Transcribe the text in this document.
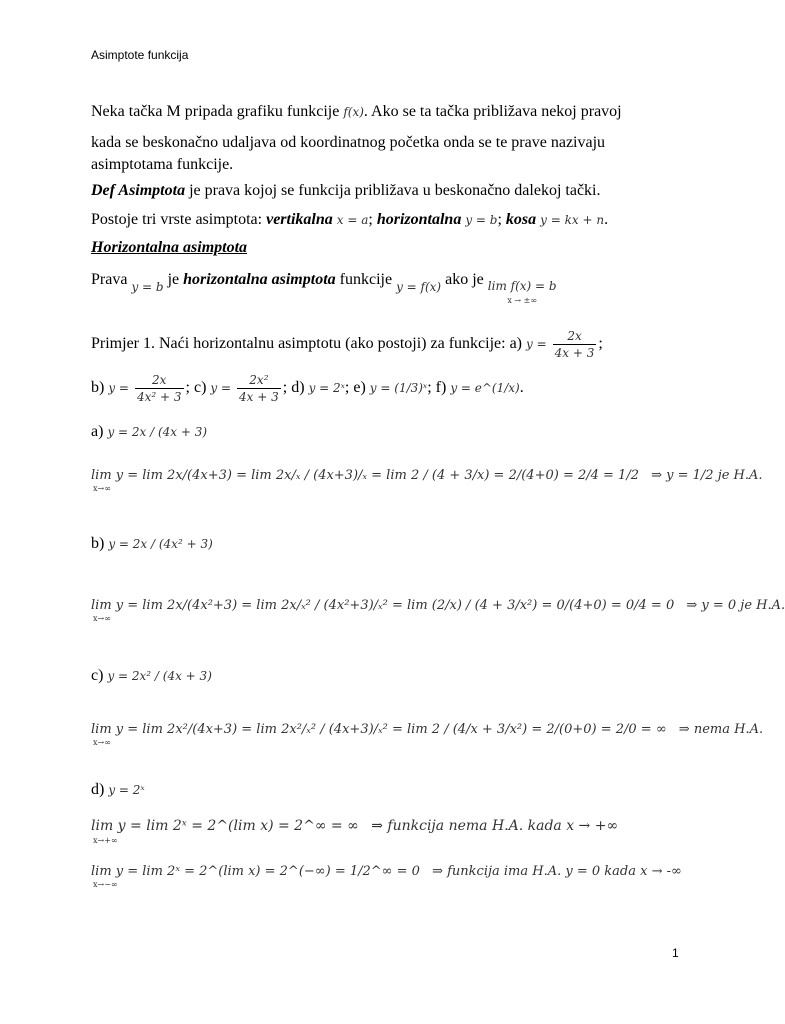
Asimptote funkcija
Neka tačka M pripada grafiku funkcije f(x). Ako se ta tačka približava nekoj pravoj
kada se beskonačno udaljava od koordinatnog početka onda se te prave nazivaju
asimptotama funkcije.
Def Asimptota je prava kojoj se funkcija približava u beskonačno dalekoj tački.
Postoje tri vrste asimptota: vertikalna x = a; horizontalna y = b; kosa y = kx + n.
Horizontalna asimptota
Prava $_{y = b}$ je horizontalna asimptota funkcije $_{y = f(x)}$ ako je lim f(x) = b
x → ±∞
Primjer 1. Naći horizontalnu asimptotu (ako postoji) za funkcije: a) $y = \frac{2x}{4x + 3}$ ;
b) $y = \frac{2x}{\text{4x² + 3}}$ ; c) $y = \frac{\text{2x²}}{4x + 3}$ ; d) y = 2ˣ; e) y = (1/3)ˣ; f) y = e^(1/x).
a) y = 2x / (4x + 3)
lim y = lim 2x/(4x+3) = lim 2x/ₓ / (4x+3)/ₓ = lim 2 / (4 + 3/x) = 2/(4+0) = 2/4 = 1/2 ⇒ y = 1/2 je H.A.
x→∞
b) y = 2x / (4x² + 3)
lim y = lim 2x/(4x²+3) = lim 2x/ₓ² / (4x²+3)/ₓ² = lim (2/x) / (4 + 3/x²) = 0/(4+0) = 0/4 = 0 ⇒ y = 0 je H.A.
x→∞
c) y = 2x² / (4x + 3)
lim y = lim 2x²/(4x+3) = lim 2x²/ₓ² / (4x+3)/ₓ² = lim 2 / (4/x + 3/x²) = 2/(0+0) = 2/0 = ∞ ⇒ nema H.A.
x→∞
d) y = 2ˣ
lim y = lim 2ˣ = 2^(lim x) = 2^∞ = ∞ ⇒ funkcija nema H.A. kada x → +∞
x→+∞
lim y = lim 2ˣ = 2^(lim x) = 2^(−∞) = 1/2^∞ = 0 ⇒ funkcija ima H.A. y = 0 kada x → -∞
x→−∞
1
